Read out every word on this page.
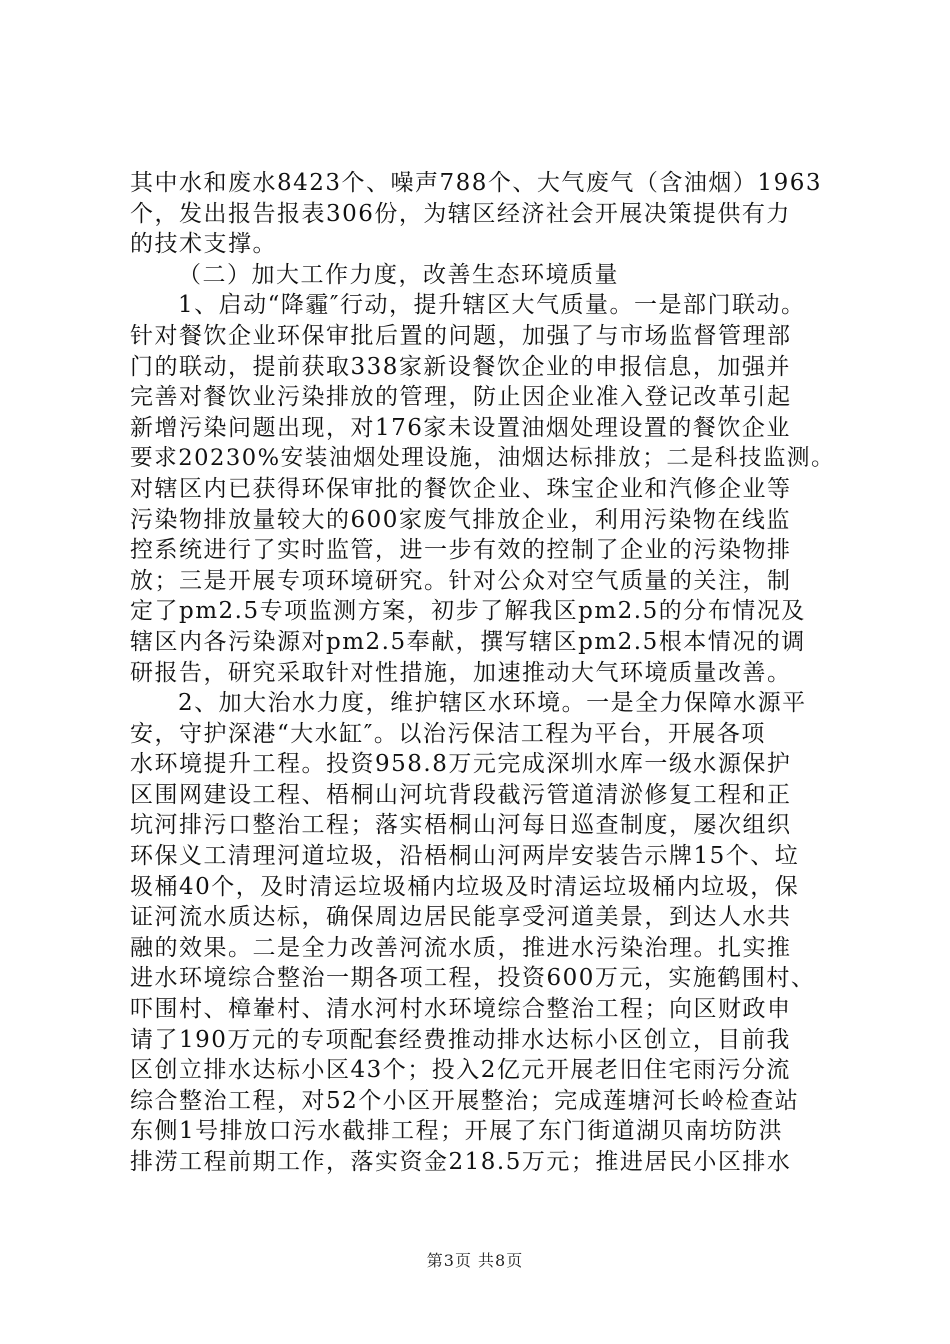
其中水和废水8423个、噪声788个、大气废气（含油烟）1963
个，发出报告报表306份，为辖区经济社会开展决策提供有力
的技术支撑。
（二）加大工作力度，改善生态环境质量
1、启动“降霾″行动，提升辖区大气质量。一是部门联动。
针对餐饮企业环保审批后置的问题，加强了与市场监督管理部
门的联动，提前获取338家新设餐饮企业的申报信息，加强并
完善对餐饮业污染排放的管理，防止因企业准入登记改革引起
新增污染问题出现，对176家未设置油烟处理设置的餐饮企业
要求20230%安装油烟处理设施，油烟达标排放；二是科技监测。
对辖区内已获得环保审批的餐饮企业、珠宝企业和汽修企业等
污染物排放量较大的600家废气排放企业，利用污染物在线监
控系统进行了实时监管，进一步有效的控制了企业的污染物排
放；三是开展专项环境研究。针对公众对空气质量的关注，制
定了pm2.5专项监测方案，初步了解我区pm2.5的分布情况及
辖区内各污染源对pm2.5奉献，撰写辖区pm2.5根本情况的调
研报告，研究采取针对性措施，加速推动大气环境质量改善。
2、加大治水力度，维护辖区水环境。一是全力保障水源平
安，守护深港“大水缸″。以治污保洁工程为平台，开展各项
水环境提升工程。投资958.8万元完成深圳水库一级水源保护
区围网建设工程、梧桐山河坑背段截污管道清淤修复工程和正
坑河排污口整治工程；落实梧桐山河每日巡查制度，屡次组织
环保义工清理河道垃圾，沿梧桐山河两岸安装告示牌15个、垃
圾桶40个，及时清运垃圾桶内垃圾及时清运垃圾桶内垃圾，保
证河流水质达标，确保周边居民能享受河道美景，到达人水共
融的效果。二是全力改善河流水质，推进水污染治理。扎实推
进水环境综合整治一期各项工程，投资600万元，实施鹤围村、
吓围村、樟輋村、清水河村水环境综合整治工程；向区财政申
请了190万元的专项配套经费推动排水达标小区创立，目前我
区创立排水达标小区43个；投入2亿元开展老旧住宅雨污分流
综合整治工程，对52个小区开展整治；完成莲塘河长岭检查站
东侧1号排放口污水截排工程；开展了东门街道湖贝南坊防洪
排涝工程前期工作，落实资金218.5万元；推进居民小区排水
第3页 共8页
